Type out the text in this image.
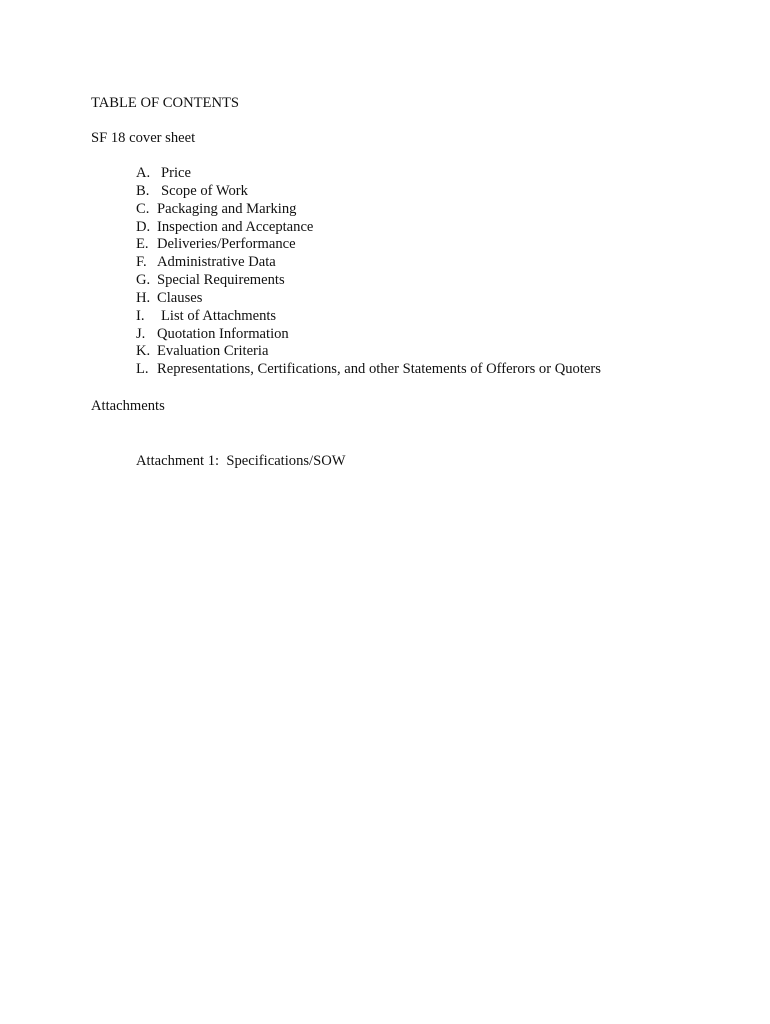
TABLE OF CONTENTS
SF 18 cover sheet
A. Price
B. Scope of Work
C. Packaging and Marking
D. Inspection and Acceptance
E. Deliveries/Performance
F. Administrative Data
G. Special Requirements
H. Clauses
I. List of Attachments
J. Quotation Information
K. Evaluation Criteria
L. Representations, Certifications, and other Statements of Offerors or Quoters
Attachments
Attachment 1:  Specifications/SOW
